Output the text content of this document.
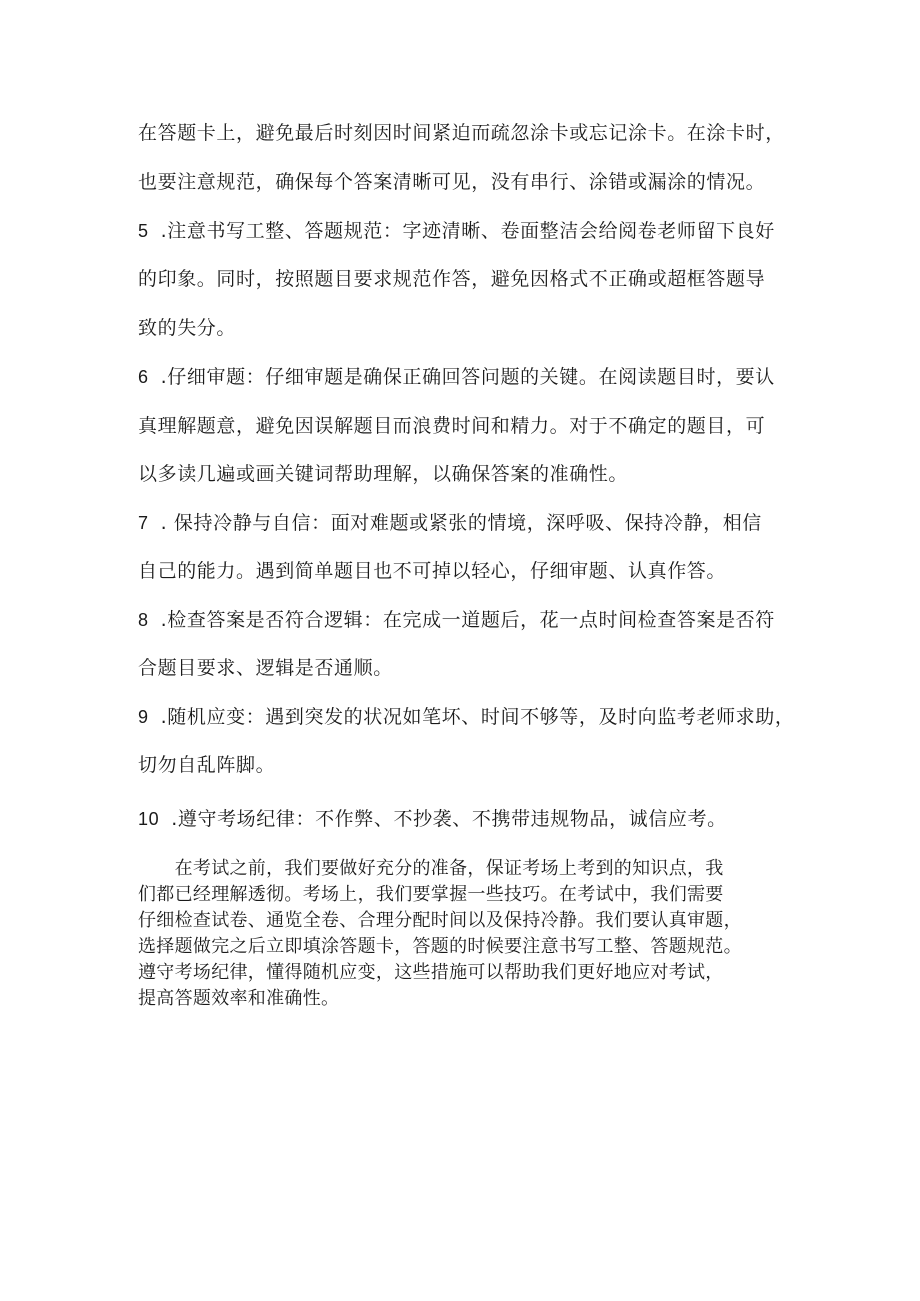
在答题卡上，避免最后时刻因时间紧迫而疏忽涂卡或忘记涂卡。在涂卡时，
也要注意规范，确保每个答案清晰可见，没有串行、涂错或漏涂的情况。
5 .注意书写工整、答题规范：字迹清晰、卷面整洁会给阅卷老师留下良好
的印象。同时，按照题目要求规范作答，避免因格式不正确或超框答题导
致的失分。
6 .仔细审题：仔细审题是确保正确回答问题的关键。在阅读题目时，要认
真理解题意，避免因误解题目而浪费时间和精力。对于不确定的题目，可
以多读几遍或画关键词帮助理解，以确保答案的准确性。
7 . 保持冷静与自信：面对难题或紧张的情境，深呼吸、保持冷静，相信
自己的能力。遇到简单题目也不可掉以轻心，仔细审题、认真作答。
8 .检查答案是否符合逻辑：在完成一道题后，花一点时间检查答案是否符
合题目要求、逻辑是否通顺。
9 .随机应变：遇到突发的状况如笔坏、时间不够等，及时向监考老师求助，
切勿自乱阵脚。
10 .遵守考场纪律：不作弊、不抄袭、不携带违规物品，诚信应考。
　　在考试之前，我们要做好充分的准备，保证考场上考到的知识点，我
们都已经理解透彻。考场上，我们要掌握一些技巧。在考试中，我们需要
仔细检查试卷、通览全卷、合理分配时间以及保持冷静。我们要认真审题，
选择题做完之后立即填涂答题卡，答题的时候要注意书写工整、答题规范。
遵守考场纪律，懂得随机应变，这些措施可以帮助我们更好地应对考试，
提高答题效率和准确性。
